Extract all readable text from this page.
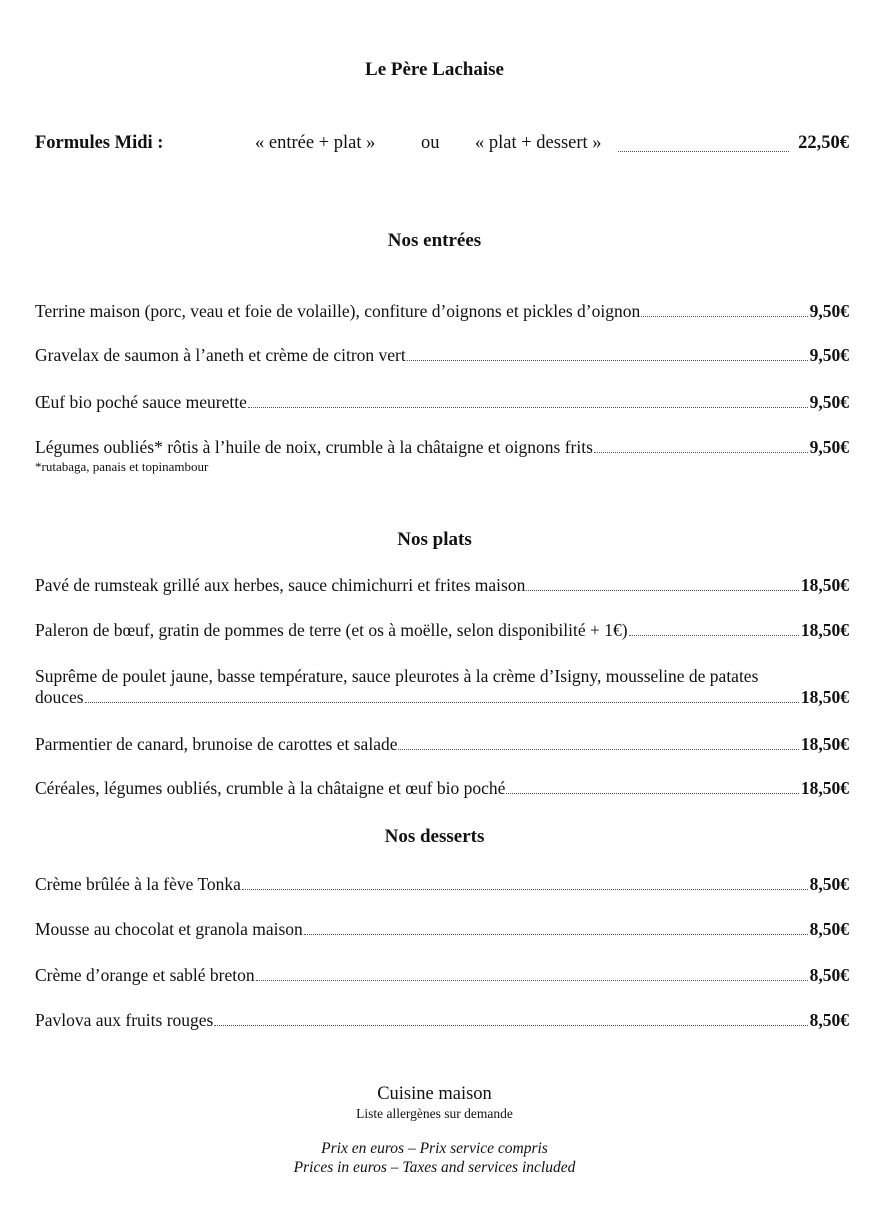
Le Père Lachaise
Formules Midi :	« entrée + plat » ou « plat + dessert »	22,50€
Nos entrées
Terrine maison (porc, veau et foie de volaille), confiture d’oignons et pickles d’oignon	9,50€
Gravelax de saumon à l’aneth et crème de citron vert	9,50€
Œuf bio poché sauce meurette	9,50€
Légumes oubliés* rôtis à l’huile de noix, crumble à la châtaigne et oignons frits	9,50€
*rutabaga, panais et topinambour
Nos plats
Pavé de rumsteak grillé aux herbes, sauce chimichurri et frites maison	18,50€
Paleron de bœuf, gratin de pommes de terre (et os à moëlle, selon disponibilité + 1€)	18,50€
Suprême de poulet jaune, basse température, sauce pleurotes à la crème d’Isigny, mousseline de patates
douces	18,50€
Parmentier de canard, brunoise de carottes et salade	18,50€
Céréales, légumes oubliés, crumble à la châtaigne et œuf bio poché	18,50€
Nos desserts
Crème brûlée à la fève Tonka	8,50€
Mousse au chocolat et granola maison	8,50€
Crème d’orange et sablé breton	8,50€
Pavlova aux fruits rouges	8,50€
Cuisine maison
Liste allergènes sur demande
Prix en euros – Prix service compris
Prices in euros – Taxes and services included
